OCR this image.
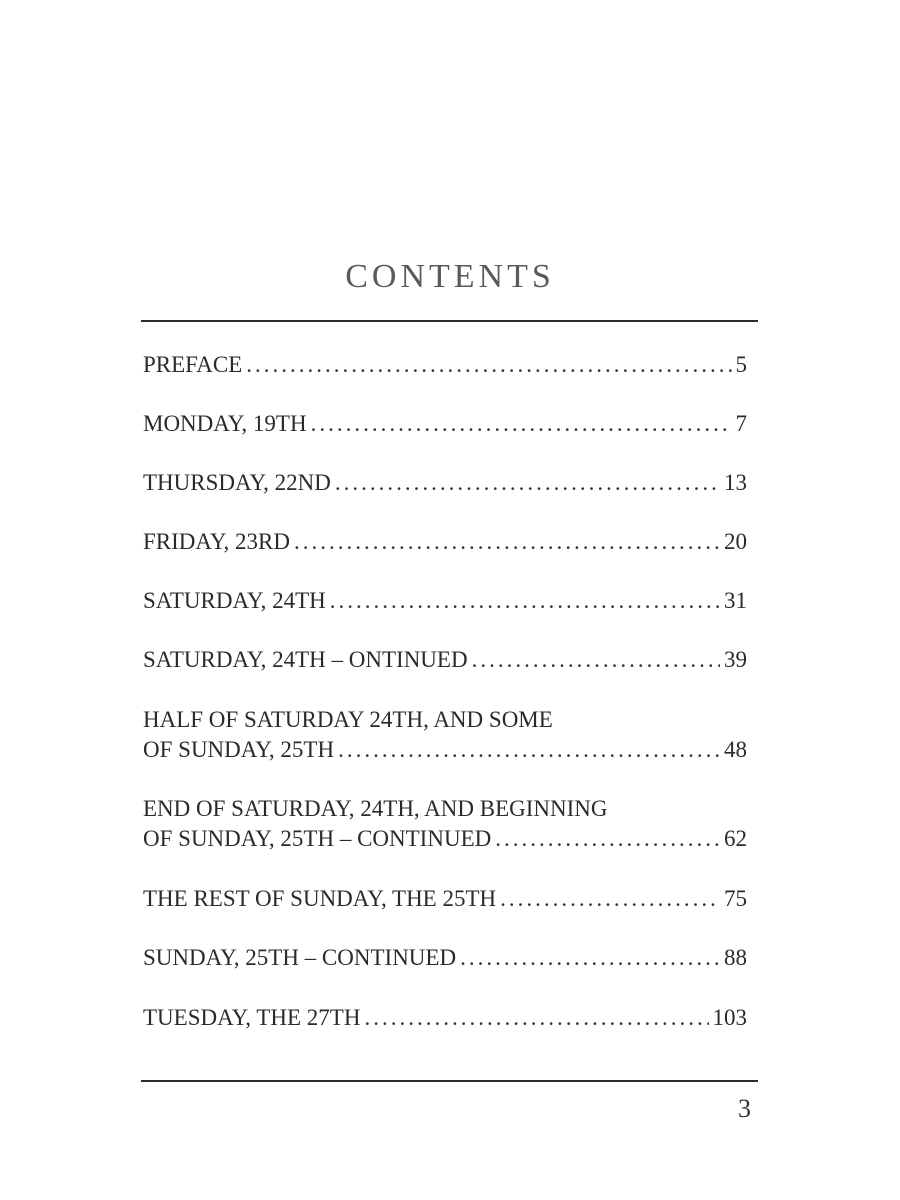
CONTENTS
PREFACE .....	5
MONDAY, 19TH .....	7
THURSDAY, 22ND .....	13
FRIDAY, 23RD .....	20
SATURDAY, 24TH .....	31
SATURDAY, 24TH – ONTINUED .....	39
HALF OF SATURDAY 24TH, AND SOME
OF SUNDAY, 25TH .....	48
END OF SATURDAY, 24TH, AND BEGINNING
OF SUNDAY, 25TH – CONTINUED .....	62
THE REST OF SUNDAY, THE 25TH .....	75
SUNDAY, 25TH – CONTINUED .....	88
TUESDAY, THE 27TH .....	103
3
